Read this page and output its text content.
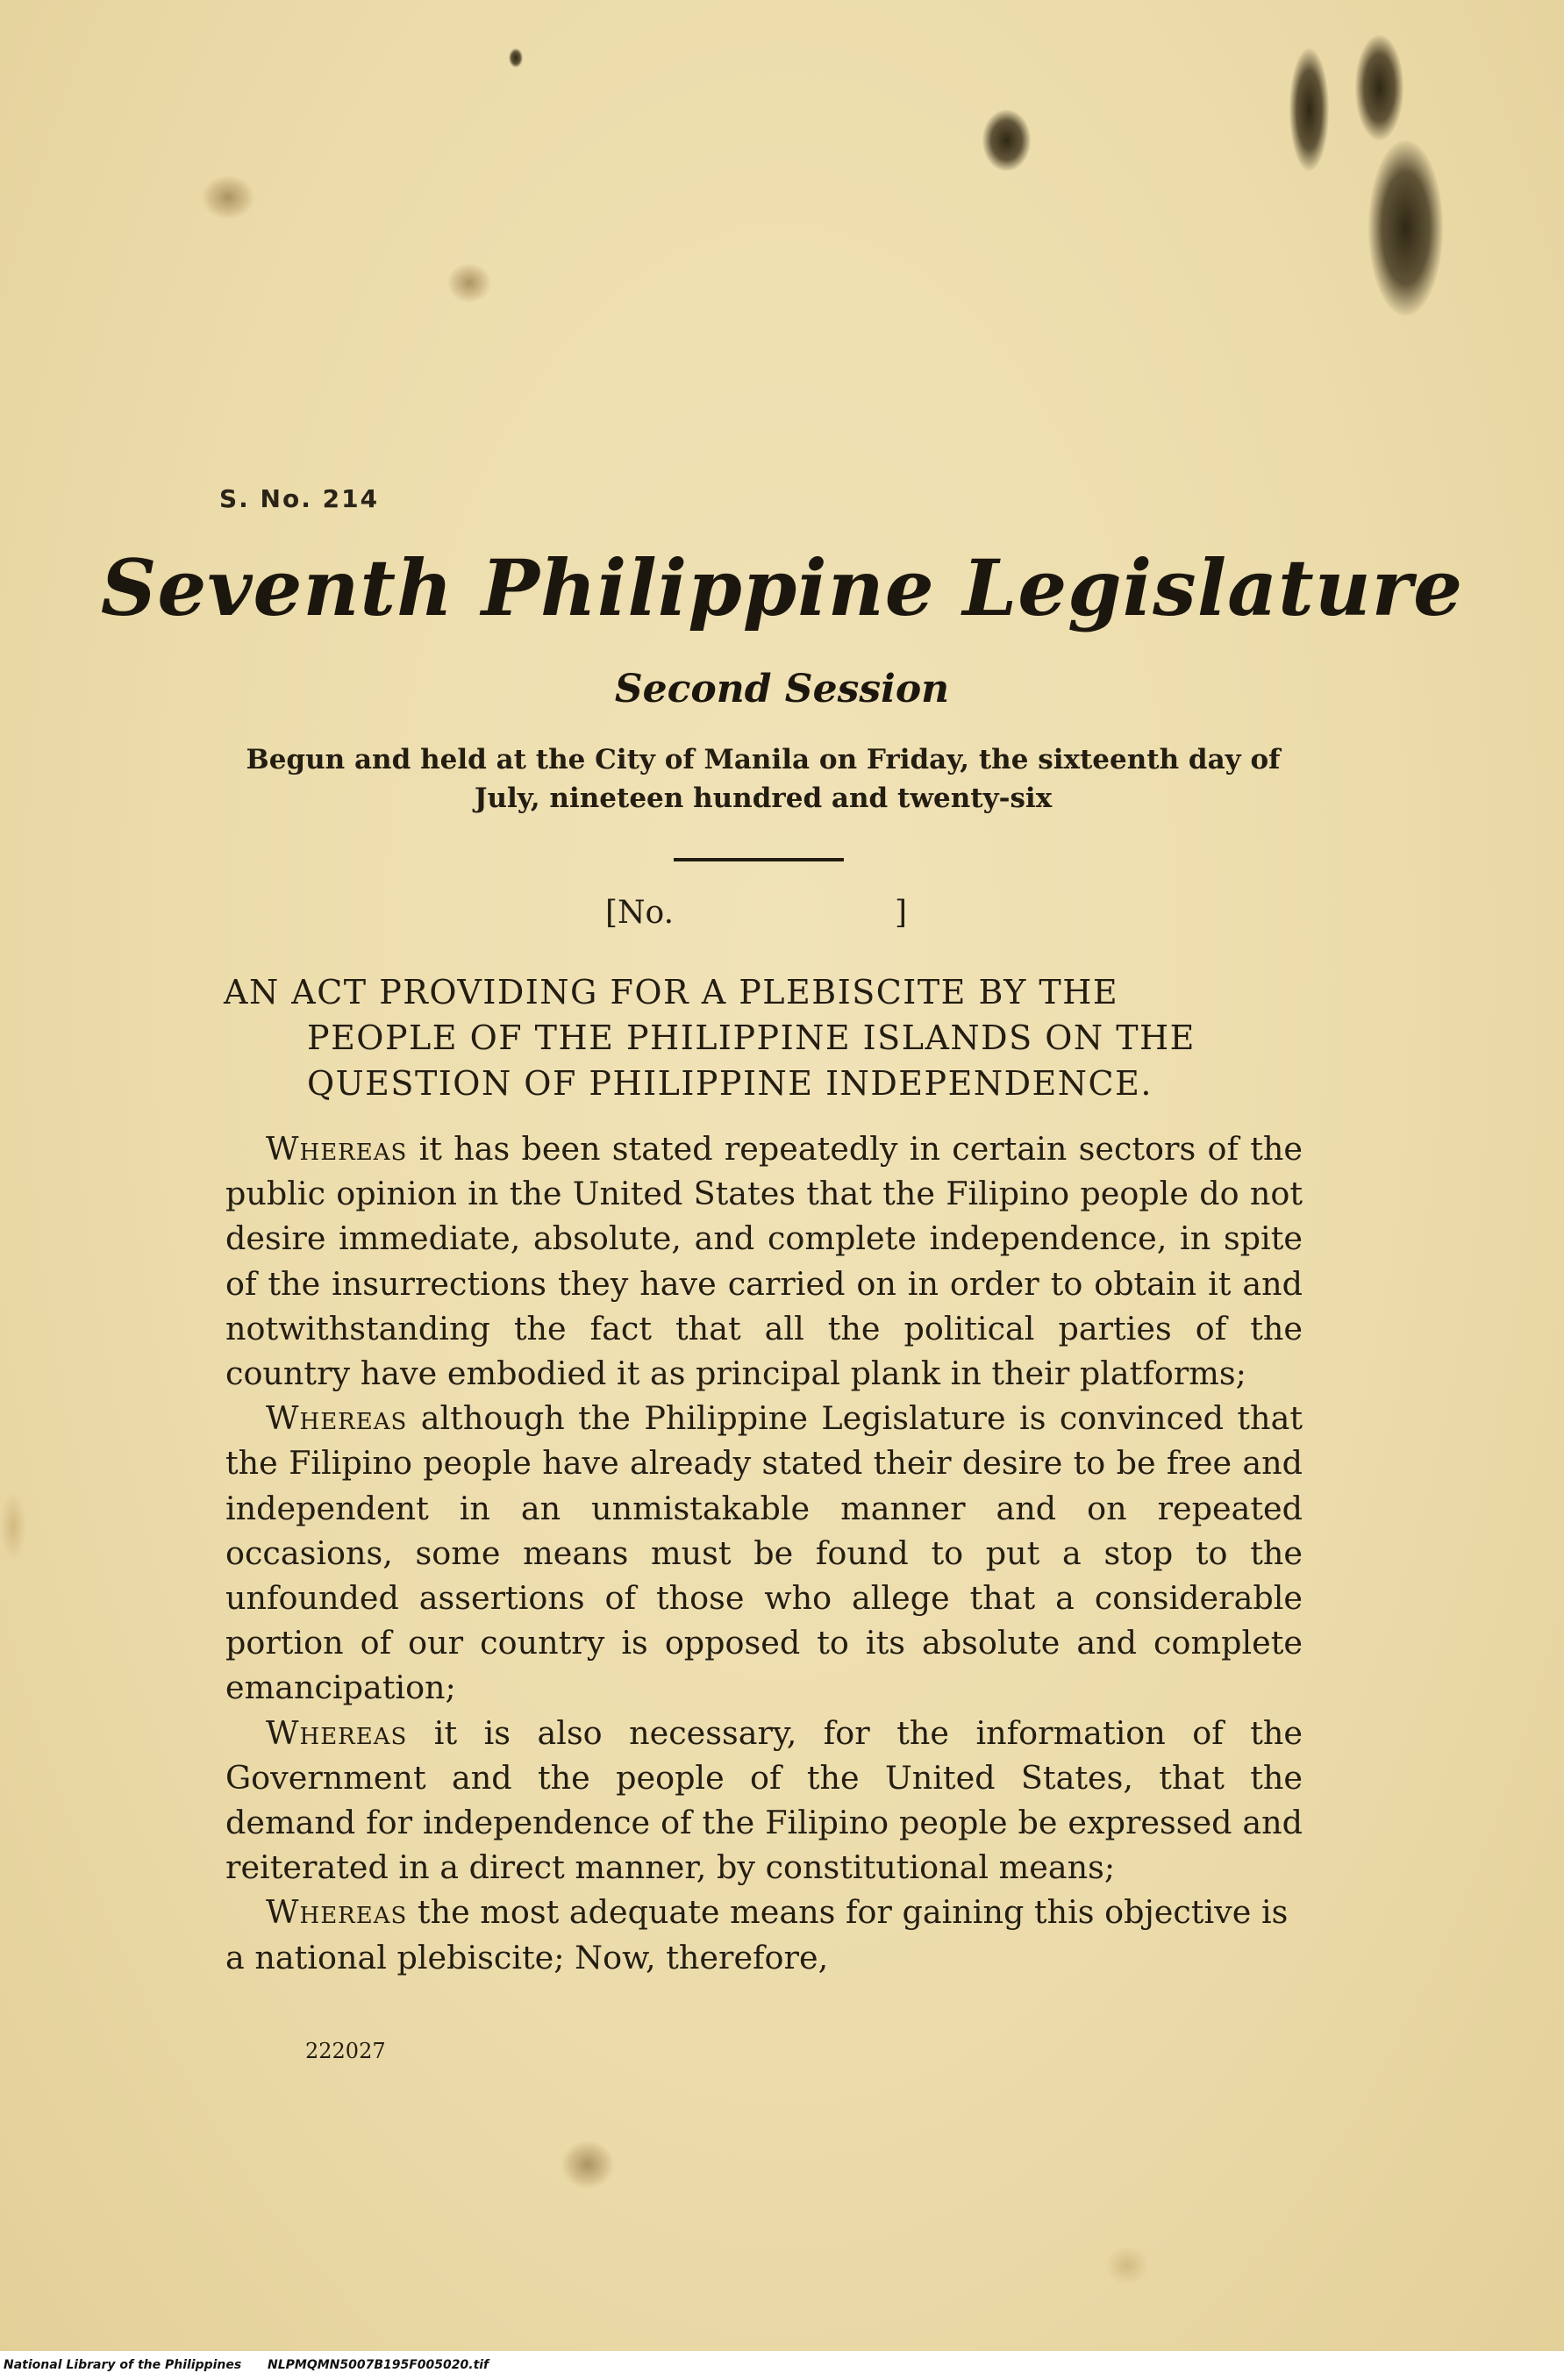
S. No. 214
Seventh Philippine Legislature
Second Session
Begun and held at the City of Manila on Friday, the sixteenth day of July, nineteen hundred and twenty-six
[No.	]
AN ACT PROVIDING FOR A PLEBISCITE BY THE
PEOPLE OF THE PHILIPPINE ISLANDS ON THE
QUESTION OF PHILIPPINE INDEPENDENCE.

Whereas it has been stated repeatedly in certain sectors of the public opinion in the United States that the Filipino people do not desire immediate, absolute, and complete independence, in spite of the insurrections they have carried on in order to obtain it and notwithstanding the fact that all the political parties of the country have embodied it as principal plank in their platforms;

Whereas although the Philippine Legislature is convinced that the Filipino people have already stated their desire to be free and independent in an unmistakable manner and on repeated occasions, some means must be found to put a stop to the unfounded assertions of those who allege that a considerable portion of our country is opposed to its absolute and complete emancipation;

Whereas it is also necessary, for the information of the Government and the people of the United States, that the demand for independence of the Filipino people be expressed and reiterated in a direct manner, by constitutional means;

Whereas the most adequate means for gaining this objective is a national plebiscite; Now, therefore,

222027
National Library of the Philippines NLPMQMN5007B195F005020.tif
